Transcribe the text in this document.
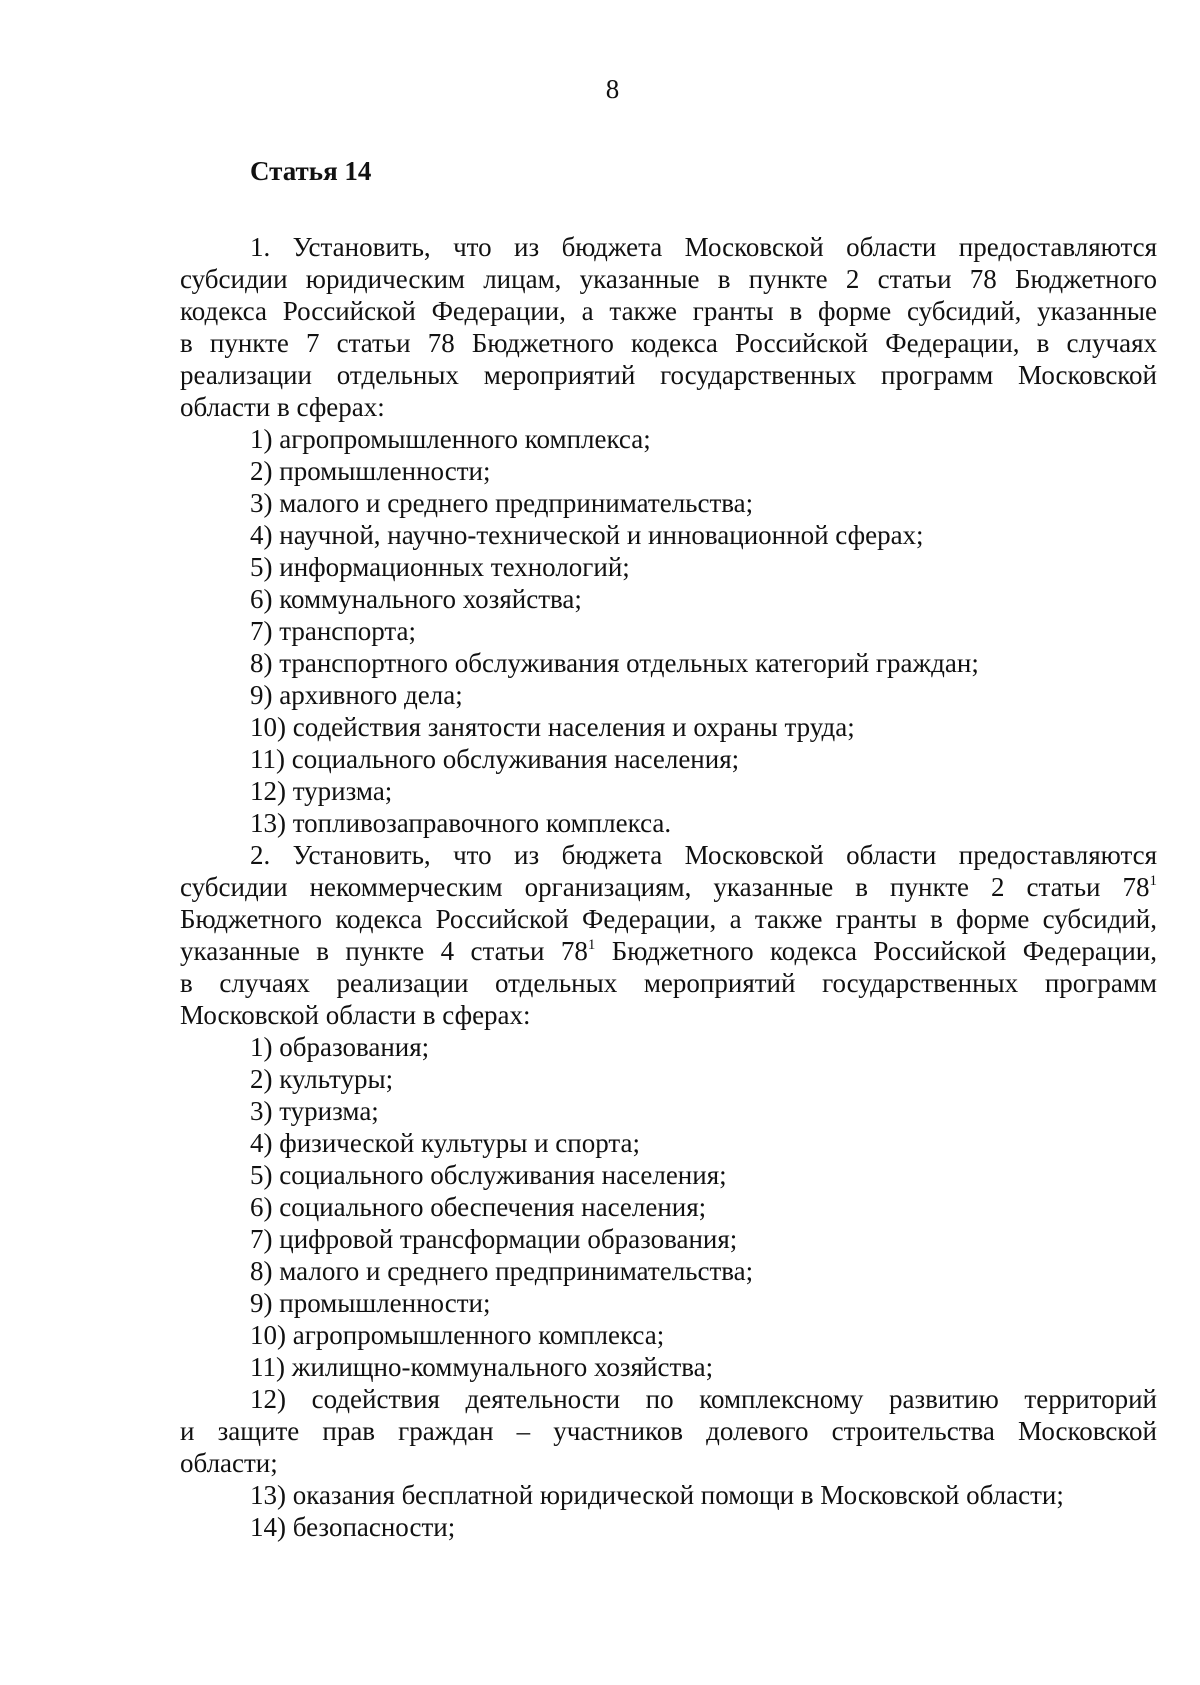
8
Статья 14
1. Установить, что из бюджета Московской области предоставляются
субсидии юридическим лицам, указанные в пункте 2 статьи 78 Бюджетного
кодекса Российской Федерации, а также гранты в форме субсидий, указанные
в пункте 7 статьи 78 Бюджетного кодекса Российской Федерации, в случаях
реализации отдельных мероприятий государственных программ Московской
области в сферах:
1) агропромышленного комплекса;
2) промышленности;
3) малого и среднего предпринимательства;
4) научной, научно-технической и инновационной сферах;
5) информационных технологий;
6) коммунального хозяйства;
7) транспорта;
8) транспортного обслуживания отдельных категорий граждан;
9) архивного дела;
10) содействия занятости населения и охраны труда;
11) социального обслуживания населения;
12) туризма;
13) топливозаправочного комплекса.
2. Установить, что из бюджета Московской области предоставляются
субсидии некоммерческим организациям, указанные в пункте 2 статьи $78^1$
Бюджетного кодекса Российской Федерации, а также гранты в форме субсидий,
указанные в пункте 4 статьи $78^1$ Бюджетного кодекса Российской Федерации,
в случаях реализации отдельных мероприятий государственных программ
Московской области в сферах:
1) образования;
2) культуры;
3) туризма;
4) физической культуры и спорта;
5) социального обслуживания населения;
6) социального обеспечения населения;
7) цифровой трансформации образования;
8) малого и среднего предпринимательства;
9) промышленности;
10) агропромышленного комплекса;
11) жилищно-коммунального хозяйства;
12) содействия деятельности по комплексному развитию территорий
и защите прав граждан – участников долевого строительства Московской
области;
13) оказания бесплатной юридической помощи в Московской области;
14) безопасности;
